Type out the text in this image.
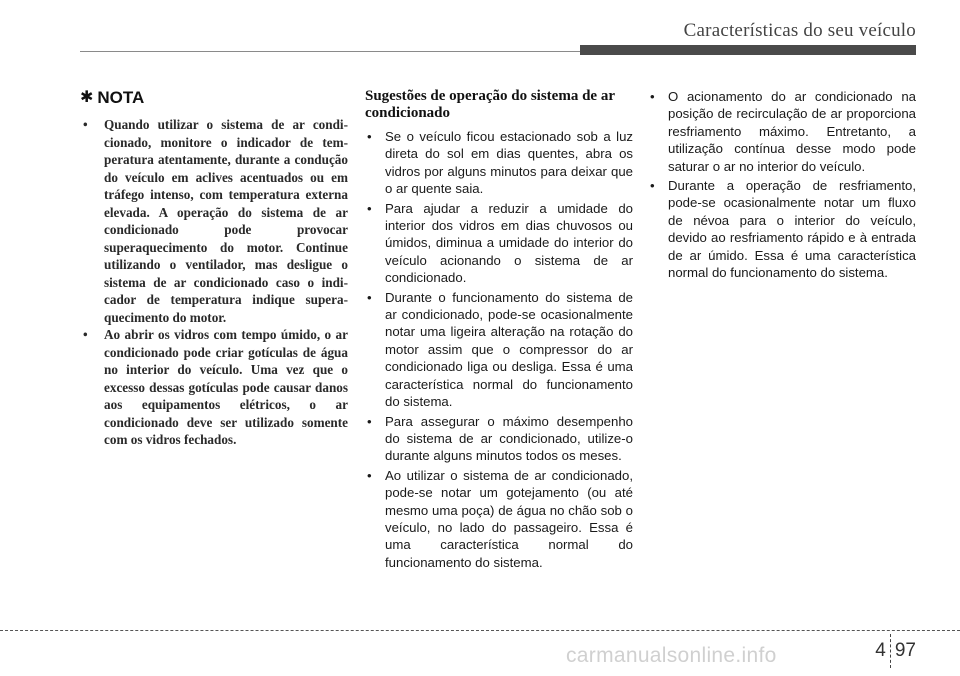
Características do seu veículo
✱ NOTA
• Quando utilizar o sistema de ar condicionado, monitore o indicador de temperatura atentamente, durante a condução do veículo em aclives acentuados ou em tráfego intenso, com temperatura externa elevada. A operação do sistema de ar condicionado pode provocar superaquecimento do motor. Continue utilizando o ventilador, mas desligue o sistema de ar condicionado caso o indicador de temperatura indique superaquecimento do motor.
• Ao abrir os vidros com tempo úmido, o ar condicionado pode criar gotículas de água no interior do veículo. Uma vez que o excesso dessas gotículas pode causar danos aos equipamentos elétricos, o ar condicionado deve ser utilizado somente com os vidros fechados.
Sugestões de operação do sistema de ar condicionado
• Se o veículo ficou estacionado sob a luz direta do sol em dias quentes, abra os vidros por alguns minutos para deixar que o ar quente saia.
• Para ajudar a reduzir a umidade do interior dos vidros em dias chuvosos ou úmidos, diminua a umidade do interior do veículo acionando o sistema de ar condicionado.
• Durante o funcionamento do sistema de ar condicionado, pode-se ocasionalmente notar uma ligeira alteração na rotação do motor assim que o compressor do ar condicionado liga ou desliga. Essa é uma característica normal do funcionamento do sistema.
• Para assegurar o máximo desempenho do sistema de ar condicionado, utilize-o durante alguns minutos todos os meses.
• Ao utilizar o sistema de ar condicionado, pode-se notar um gotejamento (ou até mesmo uma poça) de água no chão sob o veículo, no lado do passageiro. Essa é uma característica normal do funcionamento do sistema.
• O acionamento do ar condicionado na posição de recirculação de ar proporciona resfriamento máximo. Entretanto, a utilização contínua desse modo pode saturar o ar no interior do veículo.
• Durante a operação de resfriamento, pode-se ocasionalmente notar um fluxo de névoa para o interior do veículo, devido ao resfriamento rápido e à entrada de ar úmido. Essa é uma característica normal do funcionamento do sistema.
carmanualsonline.info	4 97
